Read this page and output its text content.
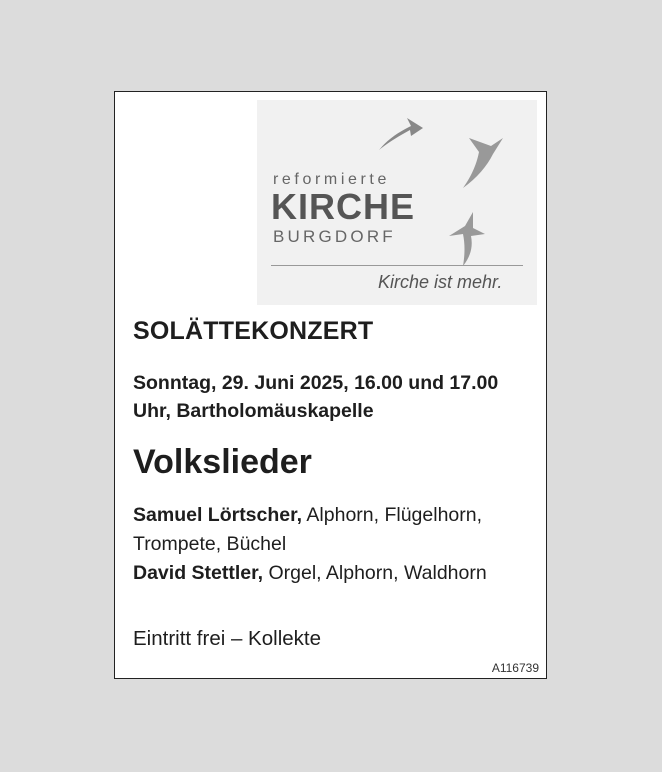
reformierte
KIRCHE
BURGDORF
Kirche ist mehr.
SOLÄTTEKONZERT
Sonntag, 29. Juni 2025, 16.00 und 17.00 Uhr, Bartholomäuskapelle
Volkslieder
Samuel Lörtscher, Alphorn, Flügelhorn, Trompete, Büchel
David Stettler, Orgel, Alphorn, Waldhorn
Eintritt frei – Kollekte
A116739
